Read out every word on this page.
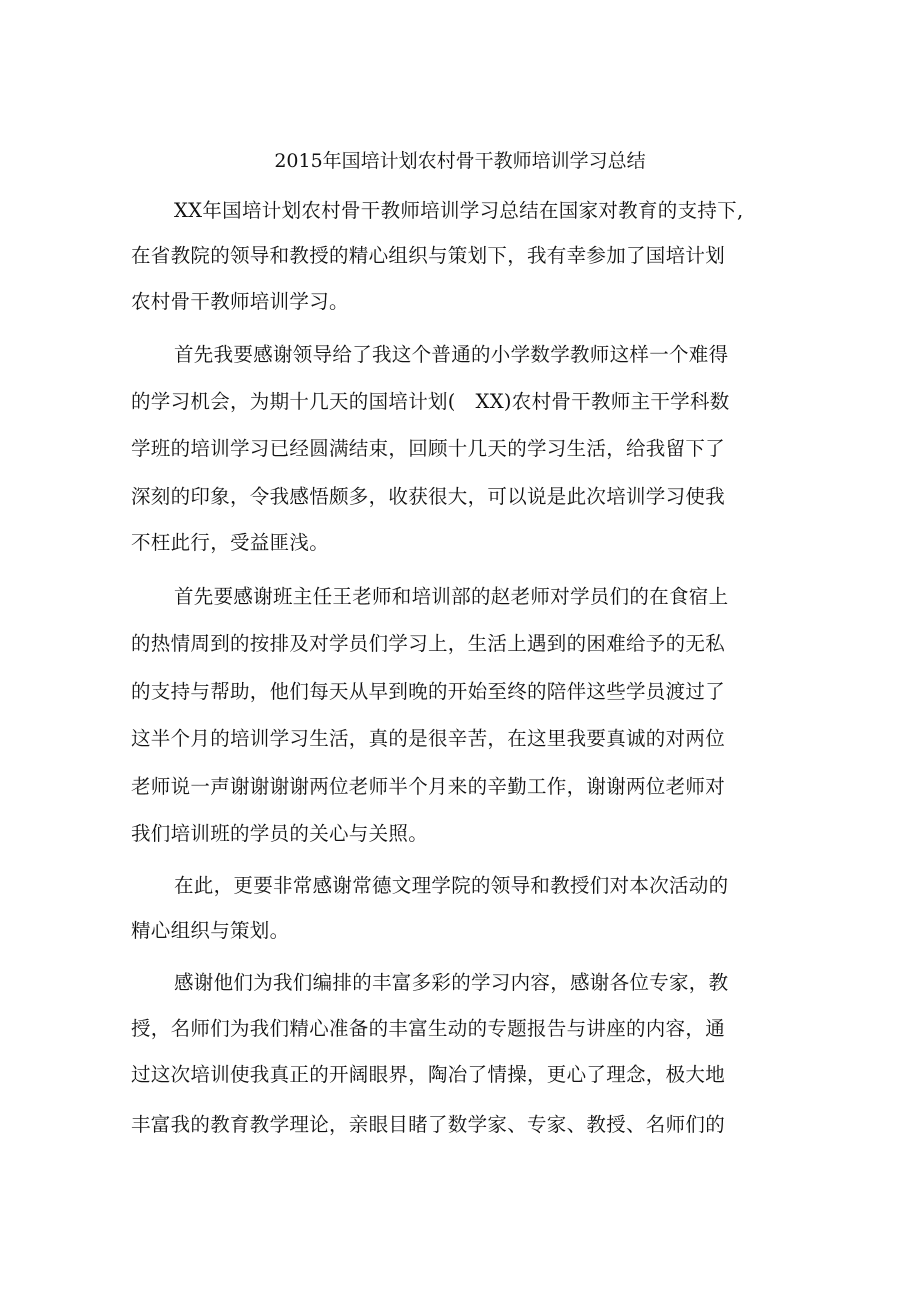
2015年国培计划农村骨干教师培训学习总结
XX年国培计划农村骨干教师培训学习总结在国家对教育的支持下,
在省教院的领导和教授的精心组织与策划下，我有幸参加了国培计划
农村骨干教师培训学习。
首先我要感谢领导给了我这个普通的小学数学教师这样一个难得
的学习机会，为期十几天的国培计划(　XX)农村骨干教师主干学科数
学班的培训学习已经圆满结束，回顾十几天的学习生活，给我留下了
深刻的印象，令我感悟颇多，收获很大，可以说是此次培训学习使我
不枉此行，受益匪浅。
首先要感谢班主任王老师和培训部的赵老师对学员们的在食宿上
的热情周到的按排及对学员们学习上，生活上遇到的困难给予的无私
的支持与帮助，他们每天从早到晚的开始至终的陪伴这些学员渡过了
这半个月的培训学习生活，真的是很辛苦，在这里我要真诚的对两位
老师说一声谢谢谢谢两位老师半个月来的辛勤工作，谢谢两位老师对
我们培训班的学员的关心与关照。
在此，更要非常感谢常德文理学院的领导和教授们对本次活动的
精心组织与策划。
感谢他们为我们编排的丰富多彩的学习内容，感谢各位专家，教
授，名师们为我们精心准备的丰富生动的专题报告与讲座的内容，通
过这次培训使我真正的开阔眼界，陶冶了情操，更心了理念，极大地
丰富我的教育教学理论，亲眼目睹了数学家、专家、教授、名师们的
